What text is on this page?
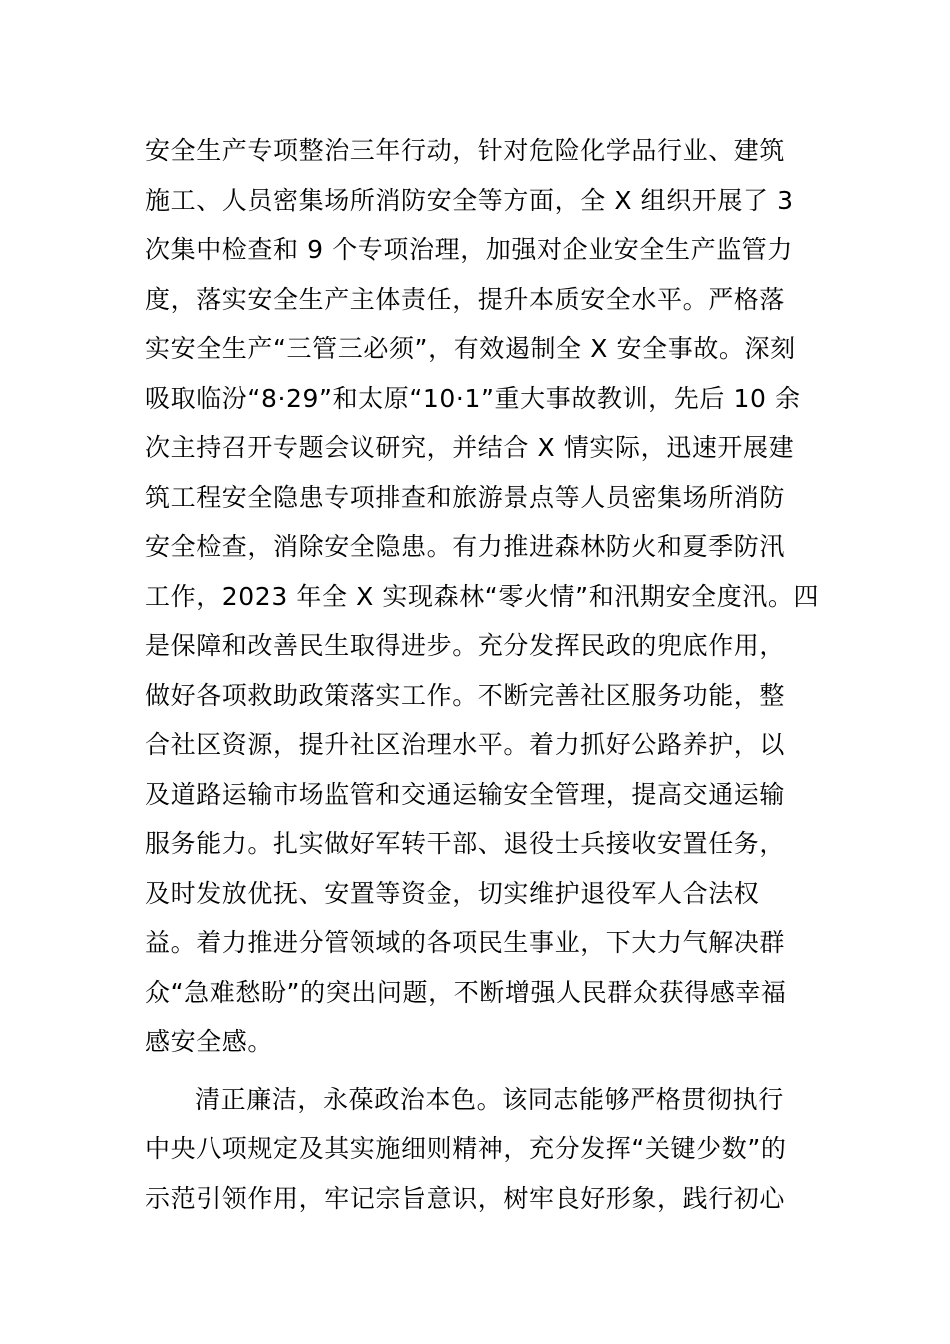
安全生产专项整治三年行动，针对危险化学品行业、建筑
施工、人员密集场所消防安全等方面，全 X 组织开展了 3
次集中检查和 9 个专项治理，加强对企业安全生产监管力
度，落实安全生产主体责任，提升本质安全水平。严格落
实安全生产“三管三必须”，有效遏制全 X 安全事故。深刻
吸取临汾“8·29”和太原“10·1”重大事故教训，先后 10 余
次主持召开专题会议研究，并结合 X 情实际，迅速开展建
筑工程安全隐患专项排查和旅游景点等人员密集场所消防
安全检查，消除安全隐患。有力推进森林防火和夏季防汛
工作，2023 年全 X 实现森林“零火情”和汛期安全度汛。四
是保障和改善民生取得进步。充分发挥民政的兜底作用，
做好各项救助政策落实工作。不断完善社区服务功能，整
合社区资源，提升社区治理水平。着力抓好公路养护，以
及道路运输市场监管和交通运输安全管理，提高交通运输
服务能力。扎实做好军转干部、退役士兵接收安置任务，
及时发放优抚、安置等资金，切实维护退役军人合法权
益。着力推进分管领域的各项民生事业，下大力气解决群
众“急难愁盼”的突出问题，不断增强人民群众获得感幸福
感安全感。
清正廉洁，永葆政治本色。该同志能够严格贯彻执行
中央八项规定及其实施细则精神，充分发挥“关键少数”的
示范引领作用，牢记宗旨意识，树牢良好形象，践行初心
